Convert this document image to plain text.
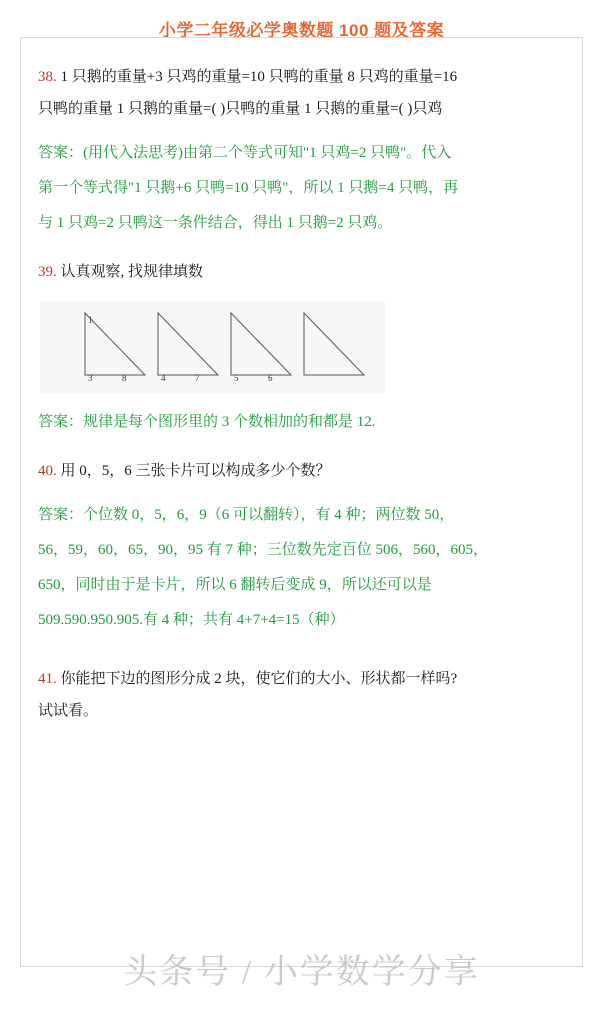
小学二年级必学奥数题 100 题及答案
38. 1 只鹅的重量+3 只鸡的重量=10 只鸭的重量 8 只鸡的重量=16
只鸭的重量 1 只鹅的重量=( )只鸭的重量 1 只鹅的重量=( )只鸡
答案：(用代入法思考)由第二个等式可知"1 只鸡=2 只鸭"。代入
第一个等式得"1 只鹅+6 只鸭=10 只鸭"，所以 1 只鹅=4 只鸭，再
与 1 只鸡=2 只鸭这一条件结合，得出 1 只鹅=2 只鸡。
39. 认真观察, 找规律填数
1
3	8	4	7	5	6
答案：规律是每个图形里的 3 个数相加的和都是 12.
40. 用 0，5，6 三张卡片可以构成多少个数？
答案：个位数 0，5，6，9（6 可以翻转），有 4 种；两位数 50，
56，59，60，65，90，95 有 7 种；三位数先定百位 506，560，605，
650，同时由于是卡片，所以 6 翻转后变成 9，所以还可以是
509.590.950.905.有 4 种；共有 4+7+4=15（种）
41. 你能把下边的图形分成 2 块，使它们的大小、形状都一样吗?
试试看。
头条号 / 小学数学分享
